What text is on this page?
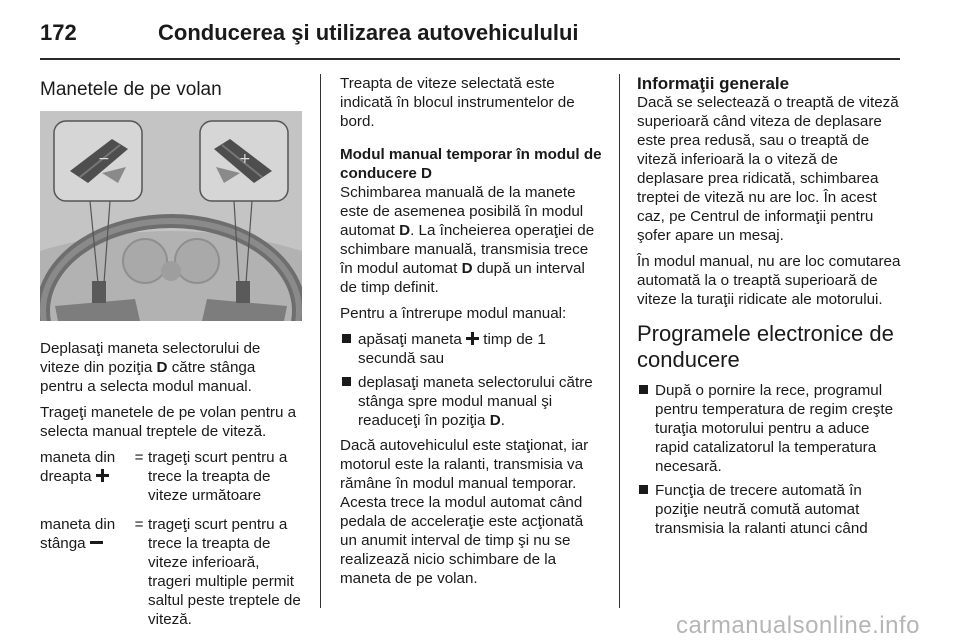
172	Conducerea şi utilizarea autovehiculului
Manetele de pe volan
−	+

Deplasaţi maneta selectorului de viteze din poziţia D către stânga pentru a selecta modul manual.

Trageţi manetele de pe volan pentru a selecta manual treptele de viteză.

maneta din dreapta
= trageţi scurt pentru a trece la treapta de viteze următoare
maneta din stânga
= trageţi scurt pentru a trece la treapta de viteze inferioară, trageri multiple permit saltul peste treptele de viteză.

Treapta de viteze selectată este indicată în blocul instrumentelor de bord.

Modul manual temporar în modul de conducere D

Schimbarea manuală de la manete este de asemenea posibilă în modul automat D. La încheierea operaţiei de schimbare manuală, transmisia trece în modul automat D după un interval de timp definit.

Pentru a întrerupe modul manual:

apăsaţi maneta  timp de 1 secundă sau
deplasaţi maneta selectorului către stânga spre modul manual şi readuceţi în poziţia D.

Dacă autovehiculul este staţionat, iar motorul este la ralanti, transmisia va rămâne în modul manual temporar. Acesta trece la modul automat când pedala de acceleraţie este acţionată un anumit interval de timp şi nu se realizează nicio schimbare de la maneta de pe volan.

Informaţii generale

Dacă se selectează o treaptă de viteză superioară când viteza de deplasare este prea redusă, sau o treaptă de viteză inferioară la o viteză de deplasare prea ridicată, schimbarea treptei de viteză nu are loc. În acest caz, pe Centrul de informaţii pentru şofer apare un mesaj.

În modul manual, nu are loc comutarea automată la o treaptă superioară de viteze la turaţii ridicate ale motorului.

Programele electronice de conducere
După o pornire la rece, programul pentru temperatura de regim creşte turaţia motorului pentru a aduce rapid catalizatorul la temperatura necesară.
Funcţia de trecere automată în poziţie neutră comută automat transmisia la ralanti atunci când
carmanualsonline.info
